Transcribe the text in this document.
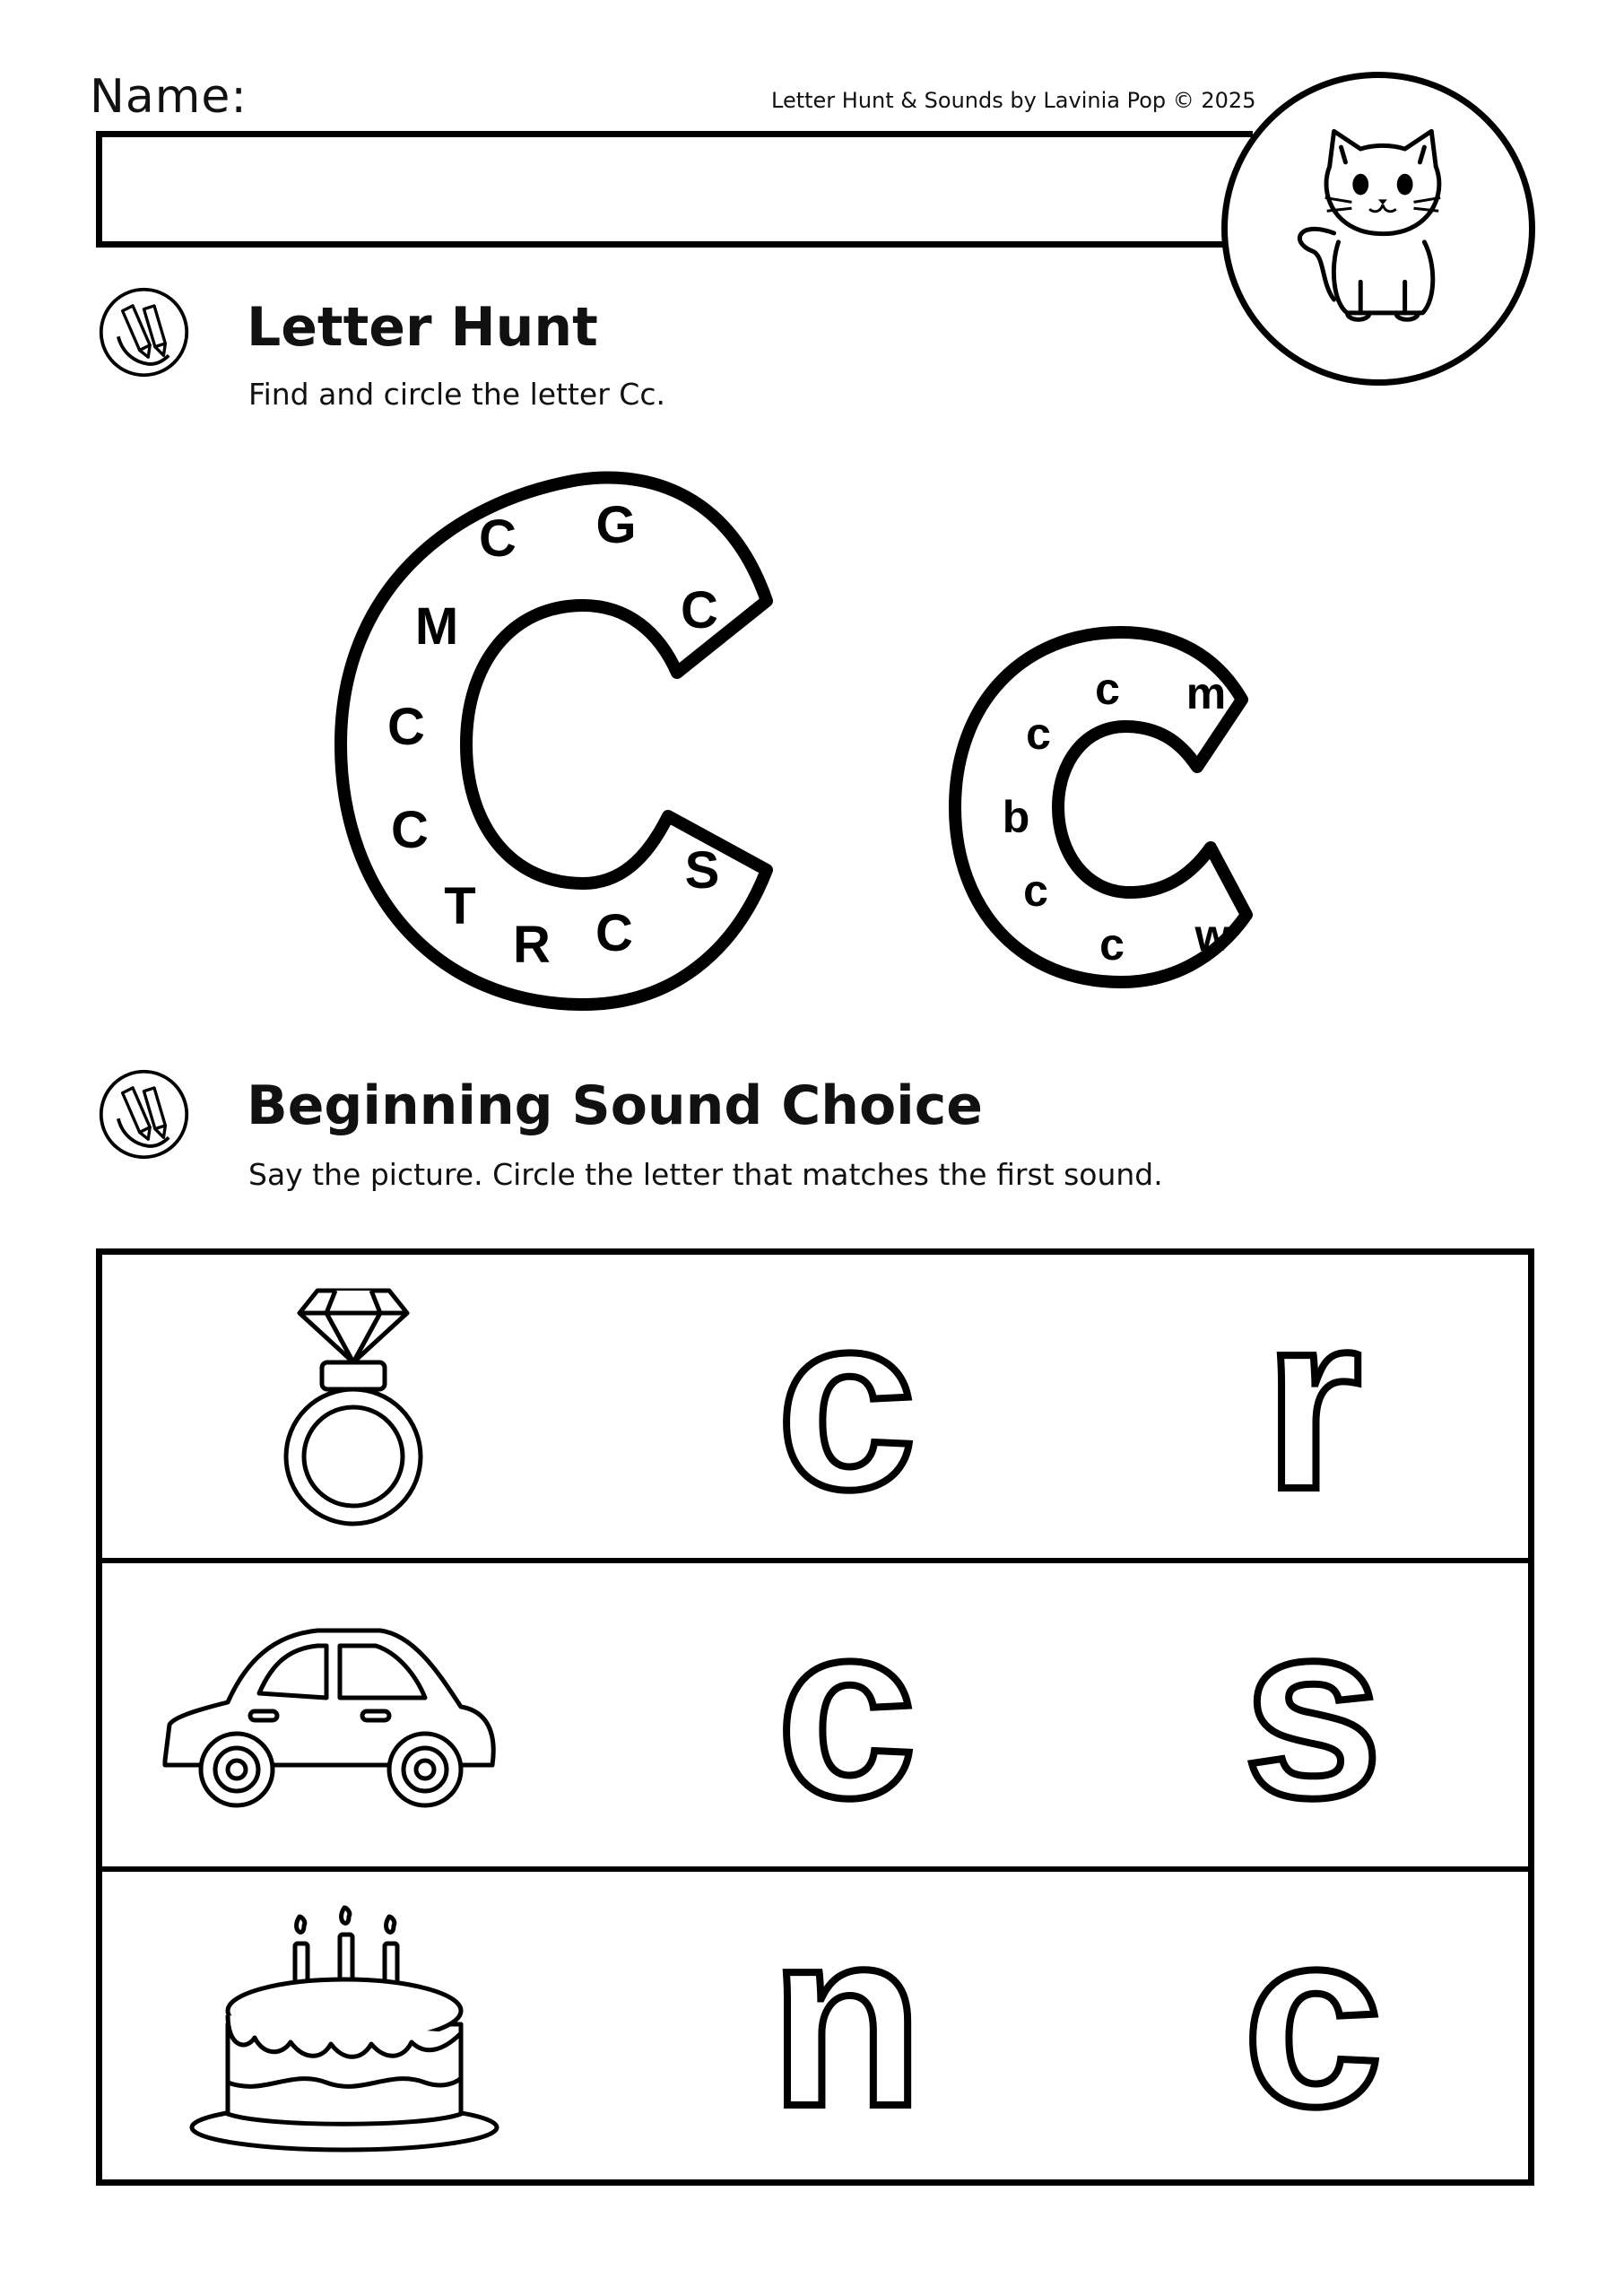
Name:	Letter Hunt & Sounds by Lavinia Pop © 2025
Letter Hunt
Find and circle the letter Cc.
C G
M	C
C
C
T
R C
S
c m
c
b
c
c w
Beginning Sound Choice
Say the picture. Circle the letter that matches the first sound.
c r
c s
n c
